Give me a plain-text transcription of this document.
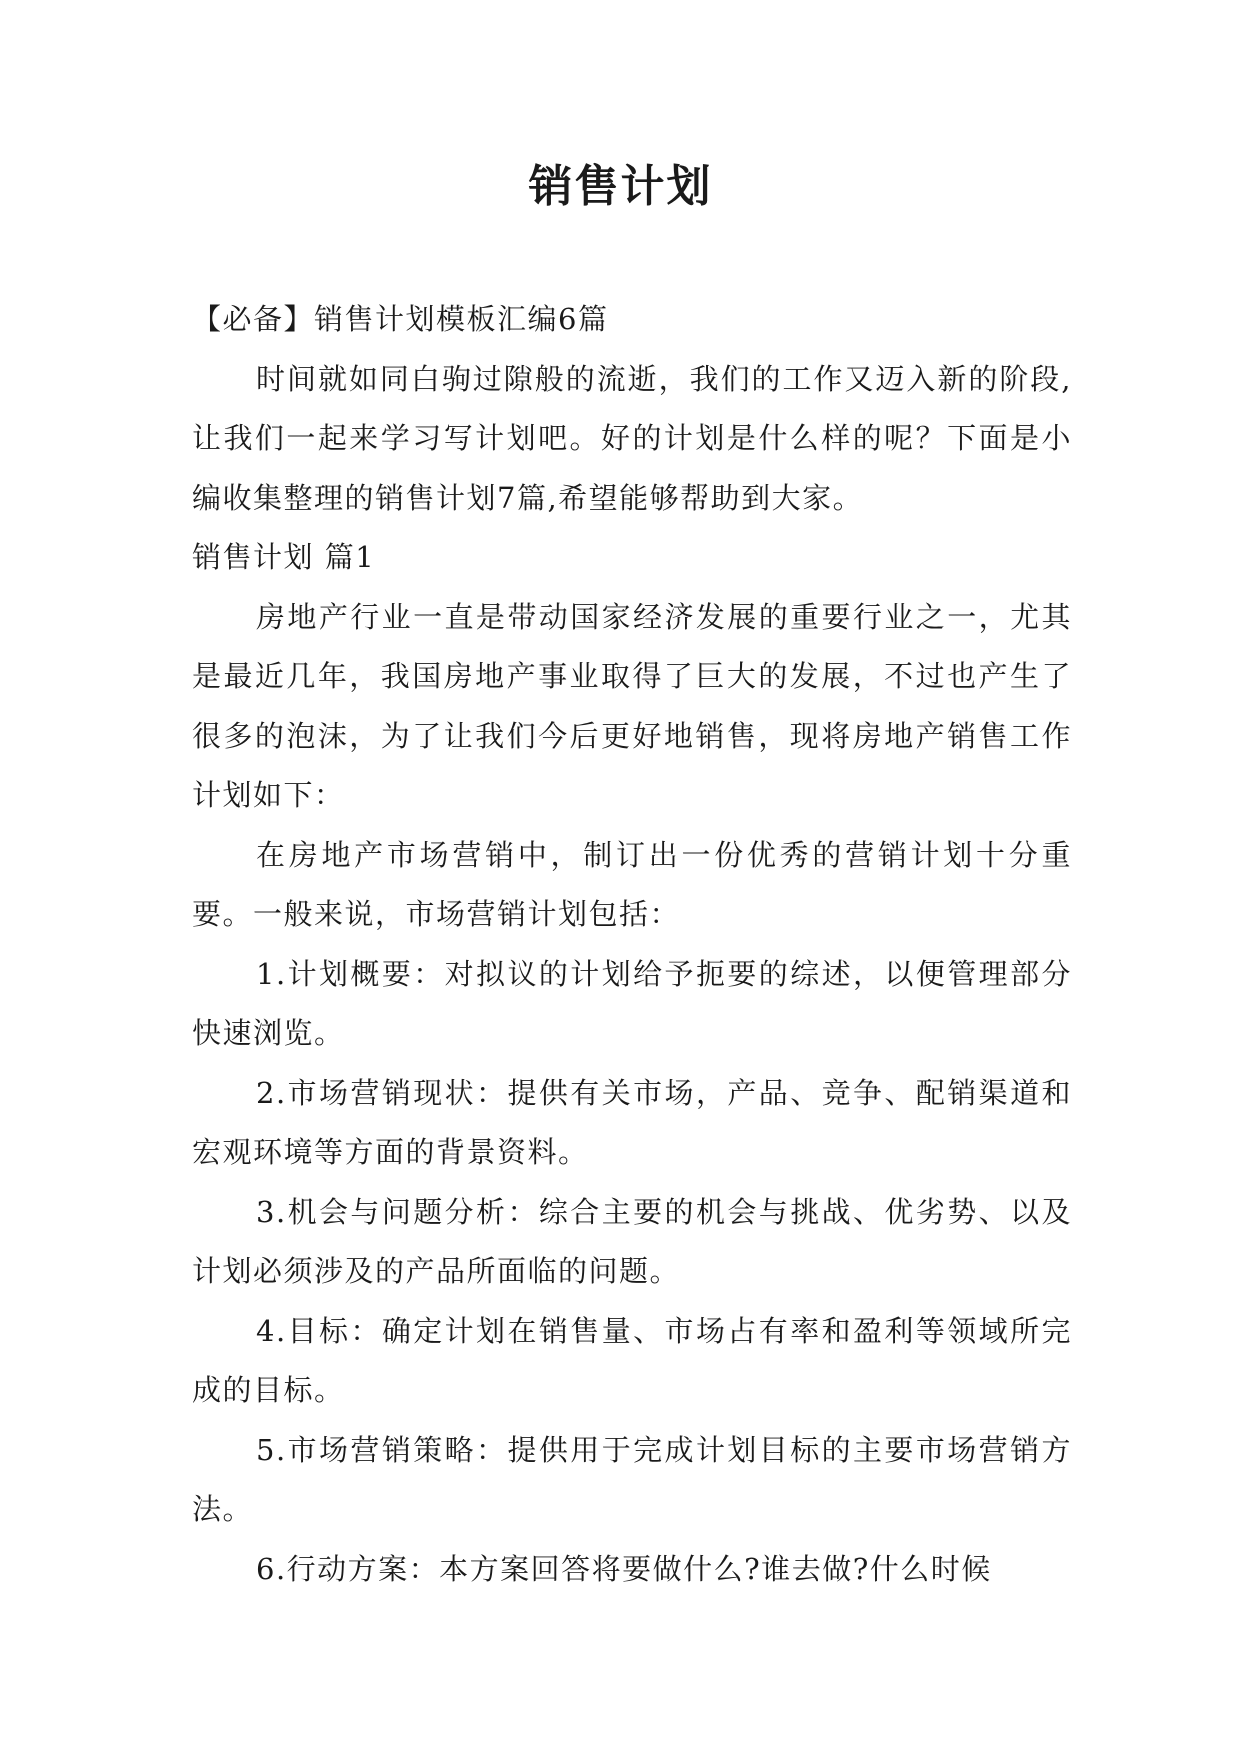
销售计划

【必备】销售计划模板汇编6篇

时间就如同白驹过隙般的流逝，我们的工作又迈入新的阶段,让我们一起来学习写计划吧。好的计划是什么样的呢？下面是小编收集整理的销售计划7篇,希望能够帮助到大家。

销售计划 篇1

房地产行业一直是带动国家经济发展的重要行业之一，尤其是最近几年，我国房地产事业取得了巨大的发展，不过也产生了很多的泡沫，为了让我们今后更好地销售，现将房地产销售工作计划如下：

在房地产市场营销中，制订出一份优秀的营销计划十分重要。一般来说，市场营销计划包括：

1.计划概要：对拟议的计划给予扼要的综述，以便管理部分快速浏览。

2.市场营销现状：提供有关市场，产品、竞争、配销渠道和宏观环境等方面的背景资料。

3.机会与问题分析：综合主要的机会与挑战、优劣势、以及计划必须涉及的产品所面临的问题。

4.目标：确定计划在销售量、市场占有率和盈利等领域所完成的目标。

5.市场营销策略：提供用于完成计划目标的主要市场营销方法。

6.行动方案：本方案回答将要做什么?谁去做?什么时候
